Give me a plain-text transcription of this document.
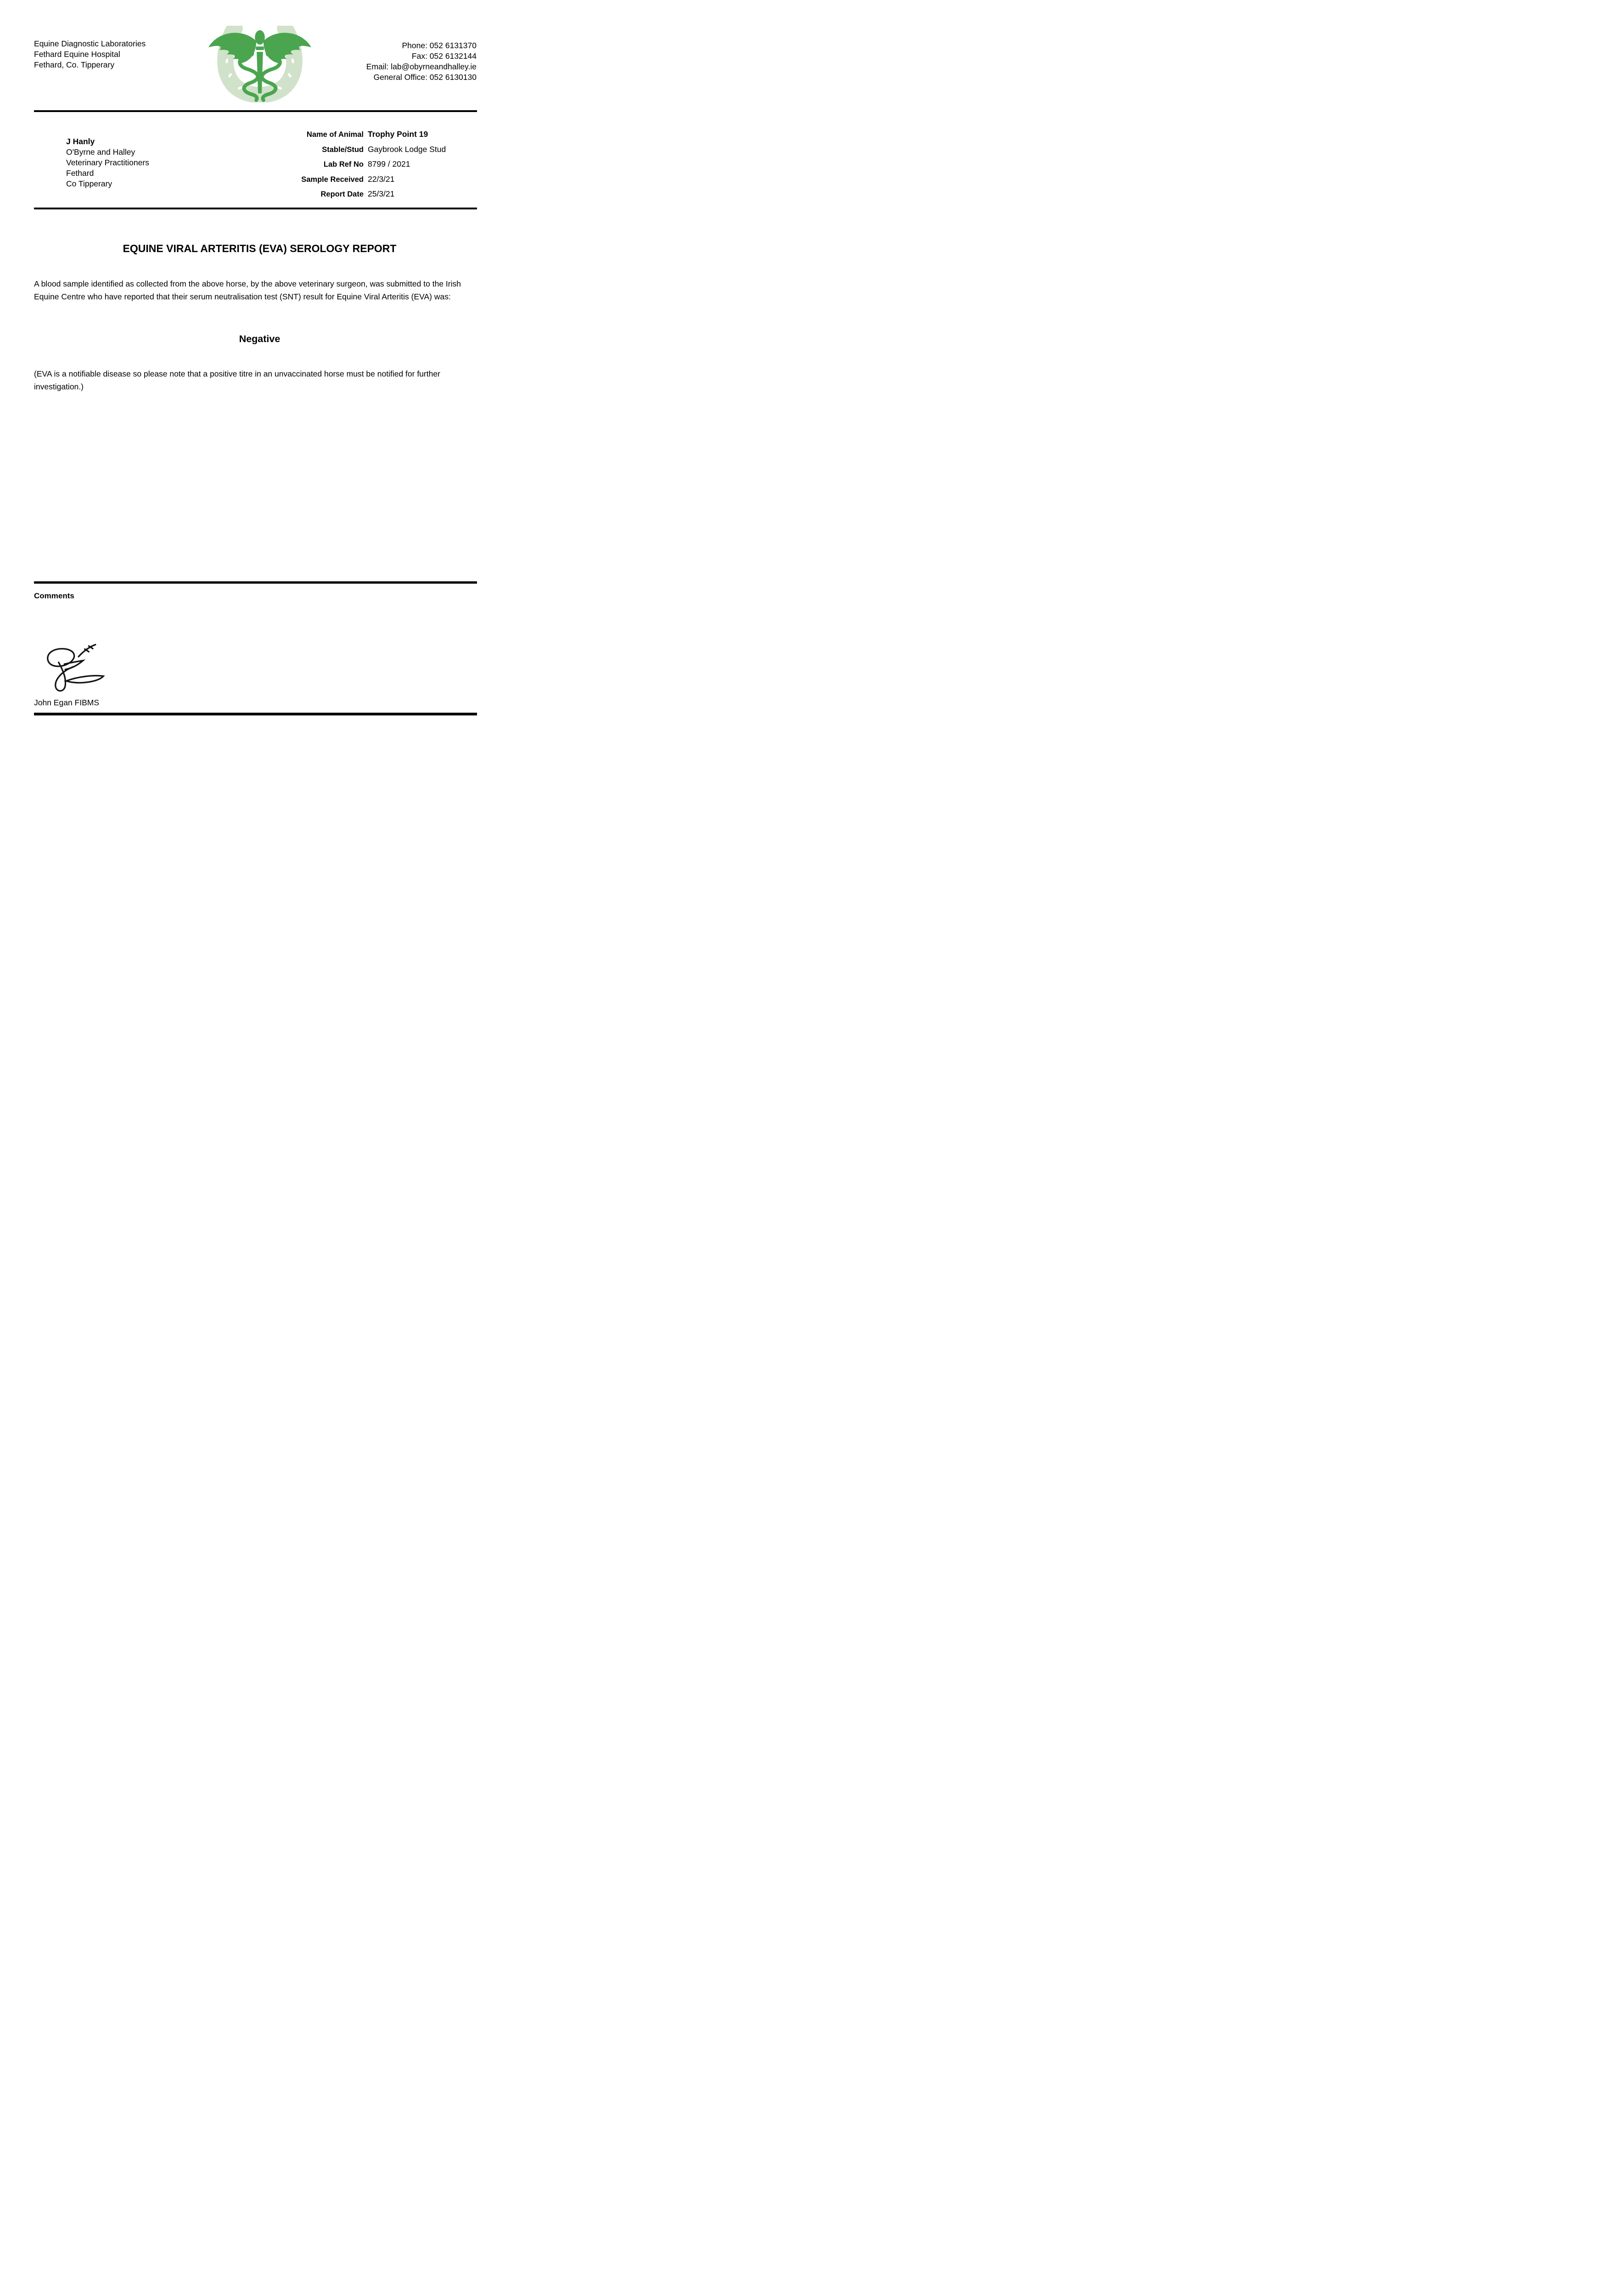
Equine Diagnostic Laboratories
Fethard Equine Hospital
Fethard, Co. Tipperary
Phone: 052 6131370
Fax: 052 6132144
Email: lab@obyrneandhalley.ie
General Office: 052 6130130
J Hanly
O'Byrne and Halley
Veterinary Practitioners
Fethard
Co Tipperary
Name of Animal Trophy Point 19
Stable/Stud Gaybrook Lodge Stud
Lab Ref No 8799 / 2021
Sample Received 22/3/21
Report Date 25/3/21
EQUINE VIRAL ARTERITIS (EVA) SEROLOGY REPORT
A blood sample identified as collected from the above horse, by the above veterinary surgeon, was submitted to the Irish Equine Centre who have reported that their serum neutralisation test (SNT) result for Equine Viral Arteritis (EVA) was:
Negative
(EVA is a notifiable disease so please note that a positive titre in an unvaccinated horse must be notified for further investigation.)
Comments
John Egan FIBMS
